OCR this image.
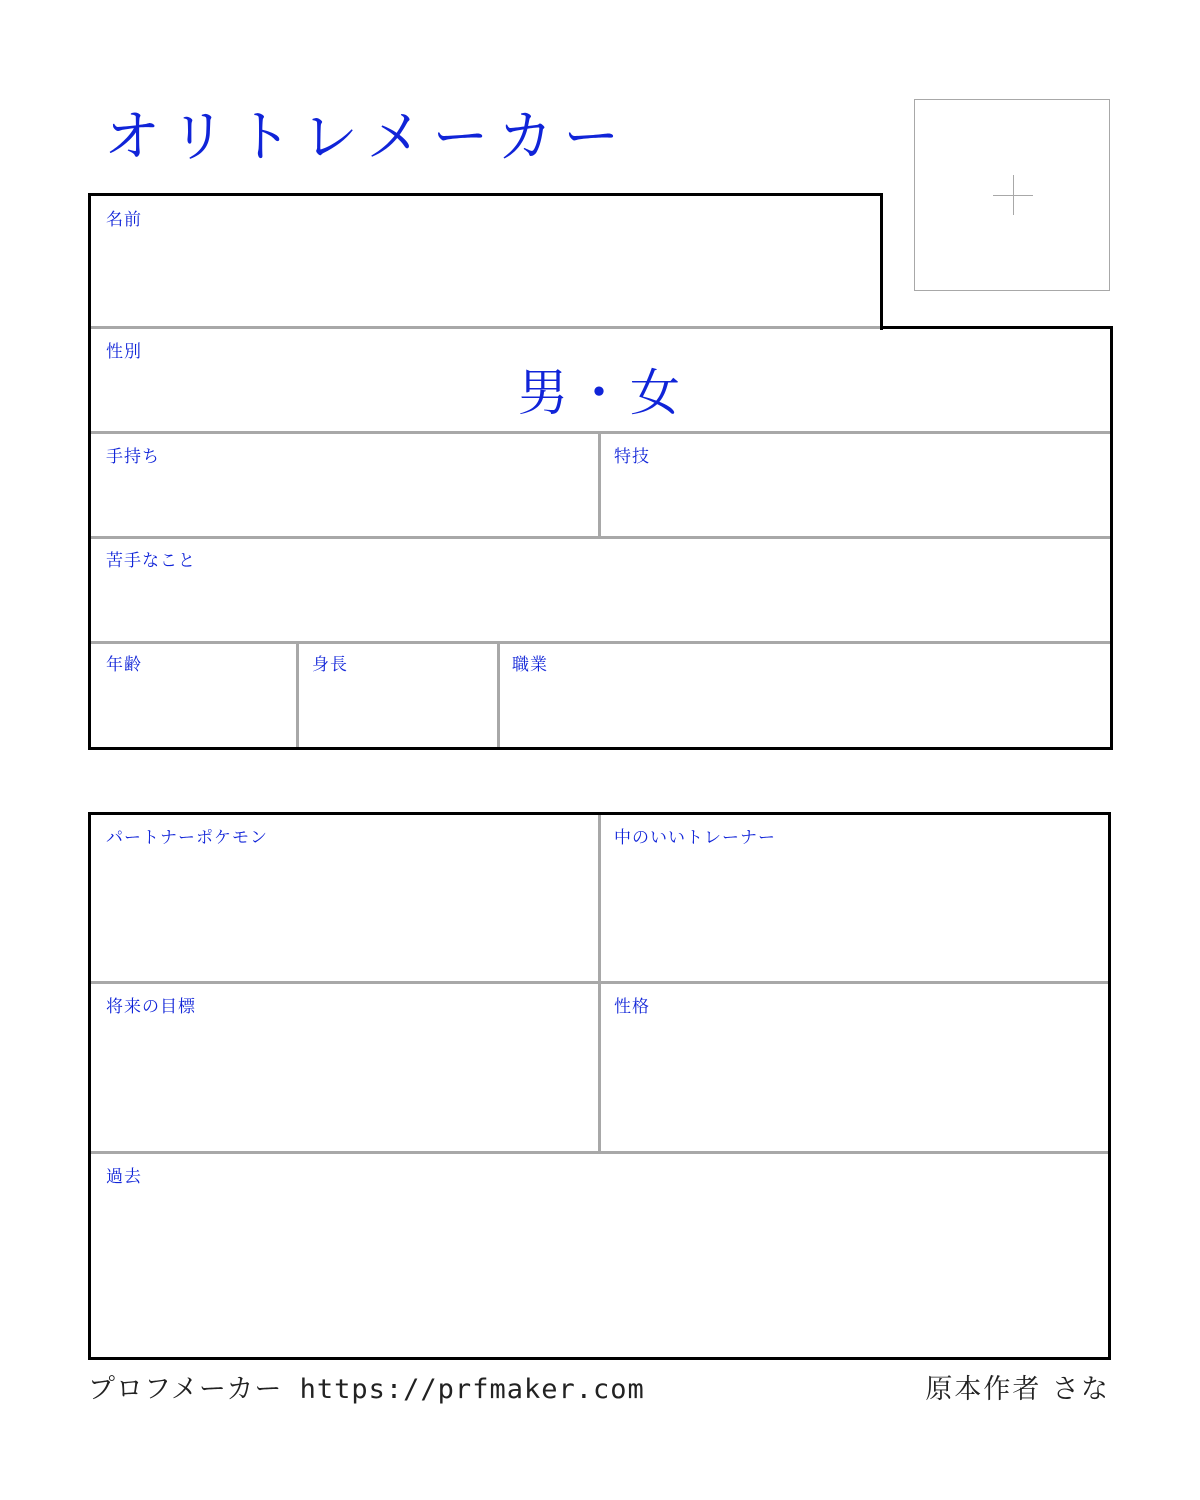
オリトレメーカー
名前
性別
男・女
手持ち	特技
苦手なこと
年齢	身長	職業
パートナーポケモン	中のいいトレーナー
将来の目標	性格
過去
プロフメーカー https://prfmaker.com	原本作者 さな
